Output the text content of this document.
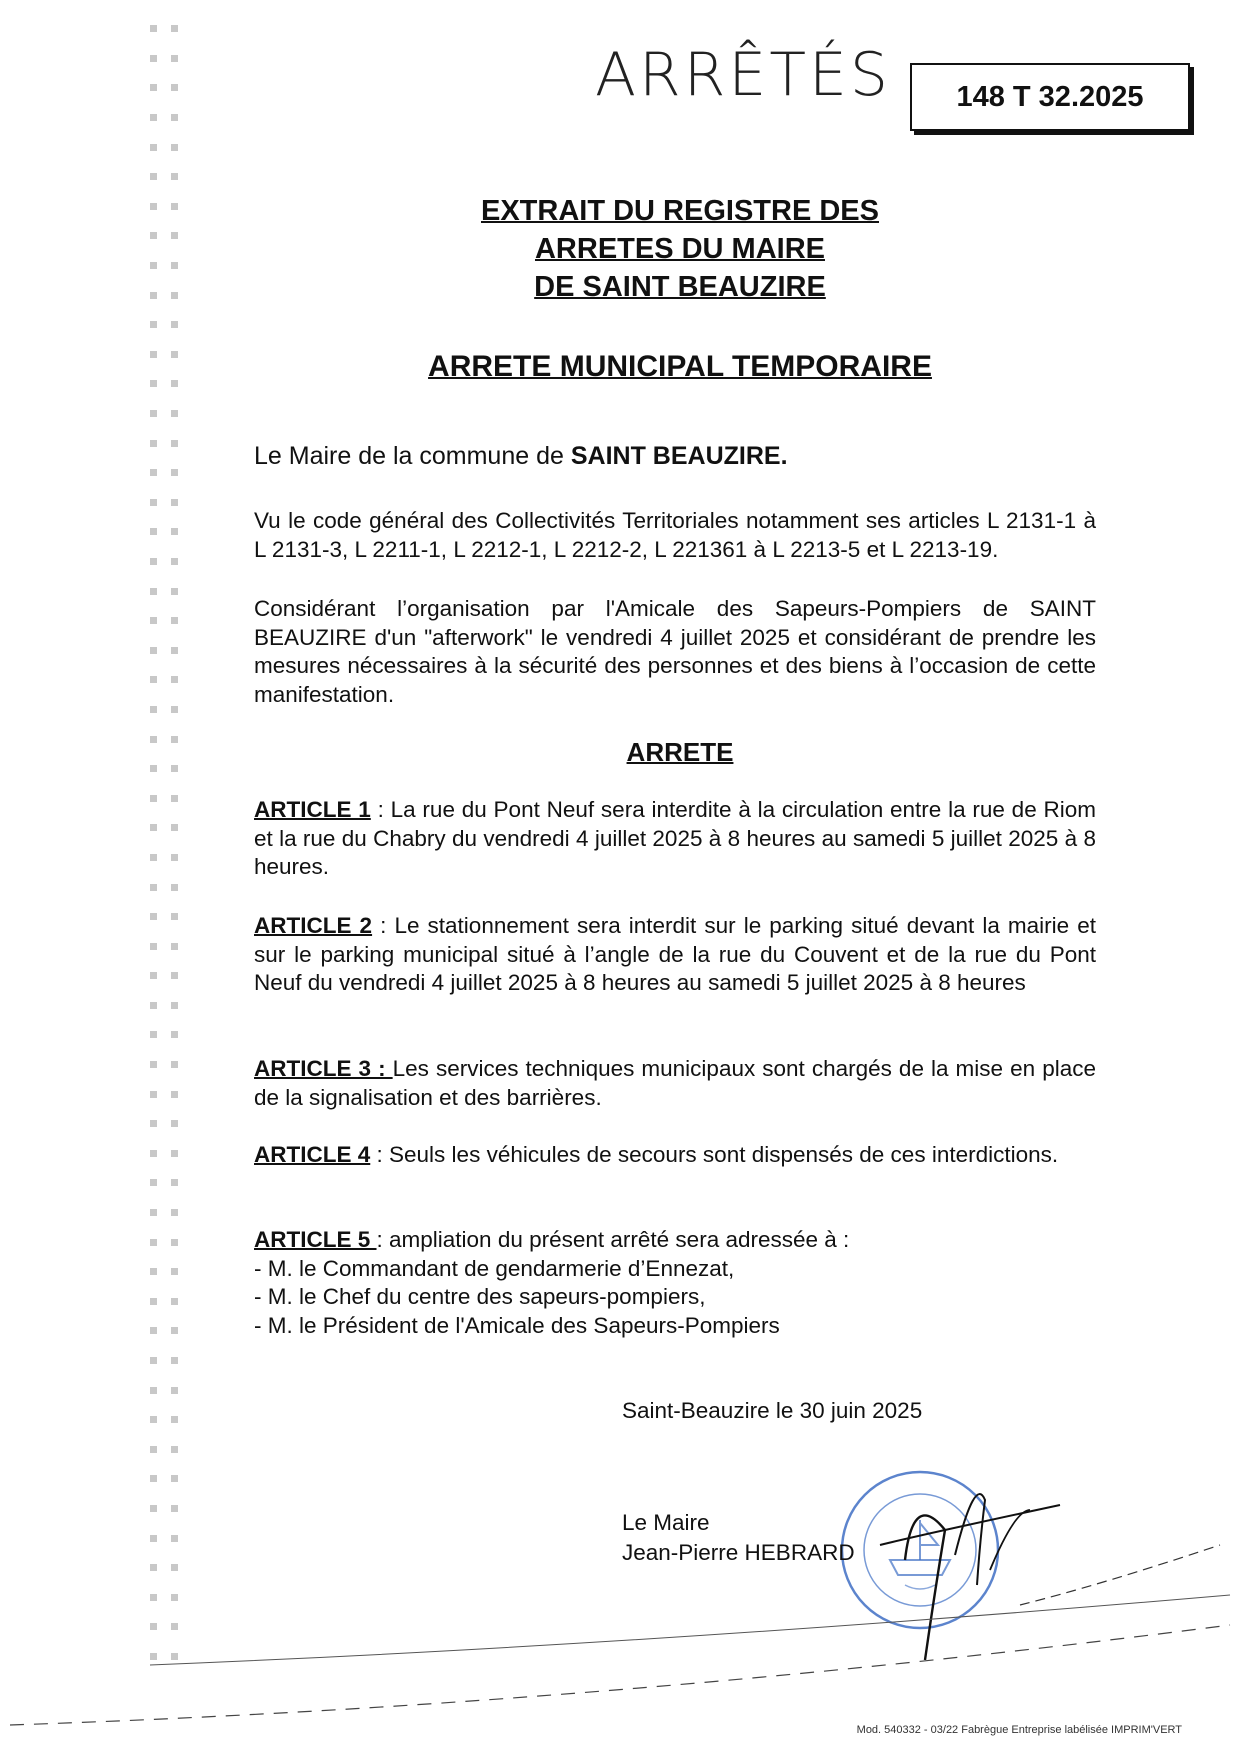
ARRÊTÉS 148 T 32.2025
EXTRAIT DU REGISTRE DES
ARRETES DU MAIRE
DE SAINT BEAUZIRE
ARRETE MUNICIPAL TEMPORAIRE
Le Maire de la commune de SAINT BEAUZIRE.
Vu le code général des Collectivités Territoriales notamment ses articles L 2131-1 à L 2131-3, L 2211-1, L 2212-1, L 2212-2, L 221361 à L 2213-5 et L 2213-19.
Considérant l’organisation par l'Amicale des Sapeurs-Pompiers de SAINT BEAUZIRE d'un "afterwork" le vendredi 4 juillet 2025 et considérant de prendre les mesures nécessaires à la sécurité des personnes et des biens à l’occasion de cette manifestation.
ARRETE
ARTICLE 1 : La rue du Pont Neuf sera interdite à la circulation entre la rue de Riom et la rue du Chabry du vendredi 4 juillet 2025 à 8 heures au samedi 5 juillet 2025 à 8 heures.
ARTICLE 2 : Le stationnement sera interdit sur le parking situé devant la mairie et sur le parking municipal situé à l’angle de la rue du Couvent et de la rue du Pont Neuf du vendredi 4 juillet 2025 à 8 heures au samedi 5 juillet 2025 à 8 heures
ARTICLE 3 : Les services techniques municipaux sont chargés de la mise en place de la signalisation et des barrières.
ARTICLE 4 : Seuls les véhicules de secours sont dispensés de ces interdictions.
ARTICLE 5 : ampliation du présent arrêté sera adressée à :
- M. le Commandant de gendarmerie d’Ennezat,
- M. le Chef du centre des sapeurs-pompiers,
- M. le Président de l'Amicale des Sapeurs-Pompiers
Saint-Beauzire le 30 juin 2025
Le Maire
Jean-Pierre HEBRARD
Mod. 540332 - 03/22 Fabrègue Entreprise labélisée IMPRIM'VERT
